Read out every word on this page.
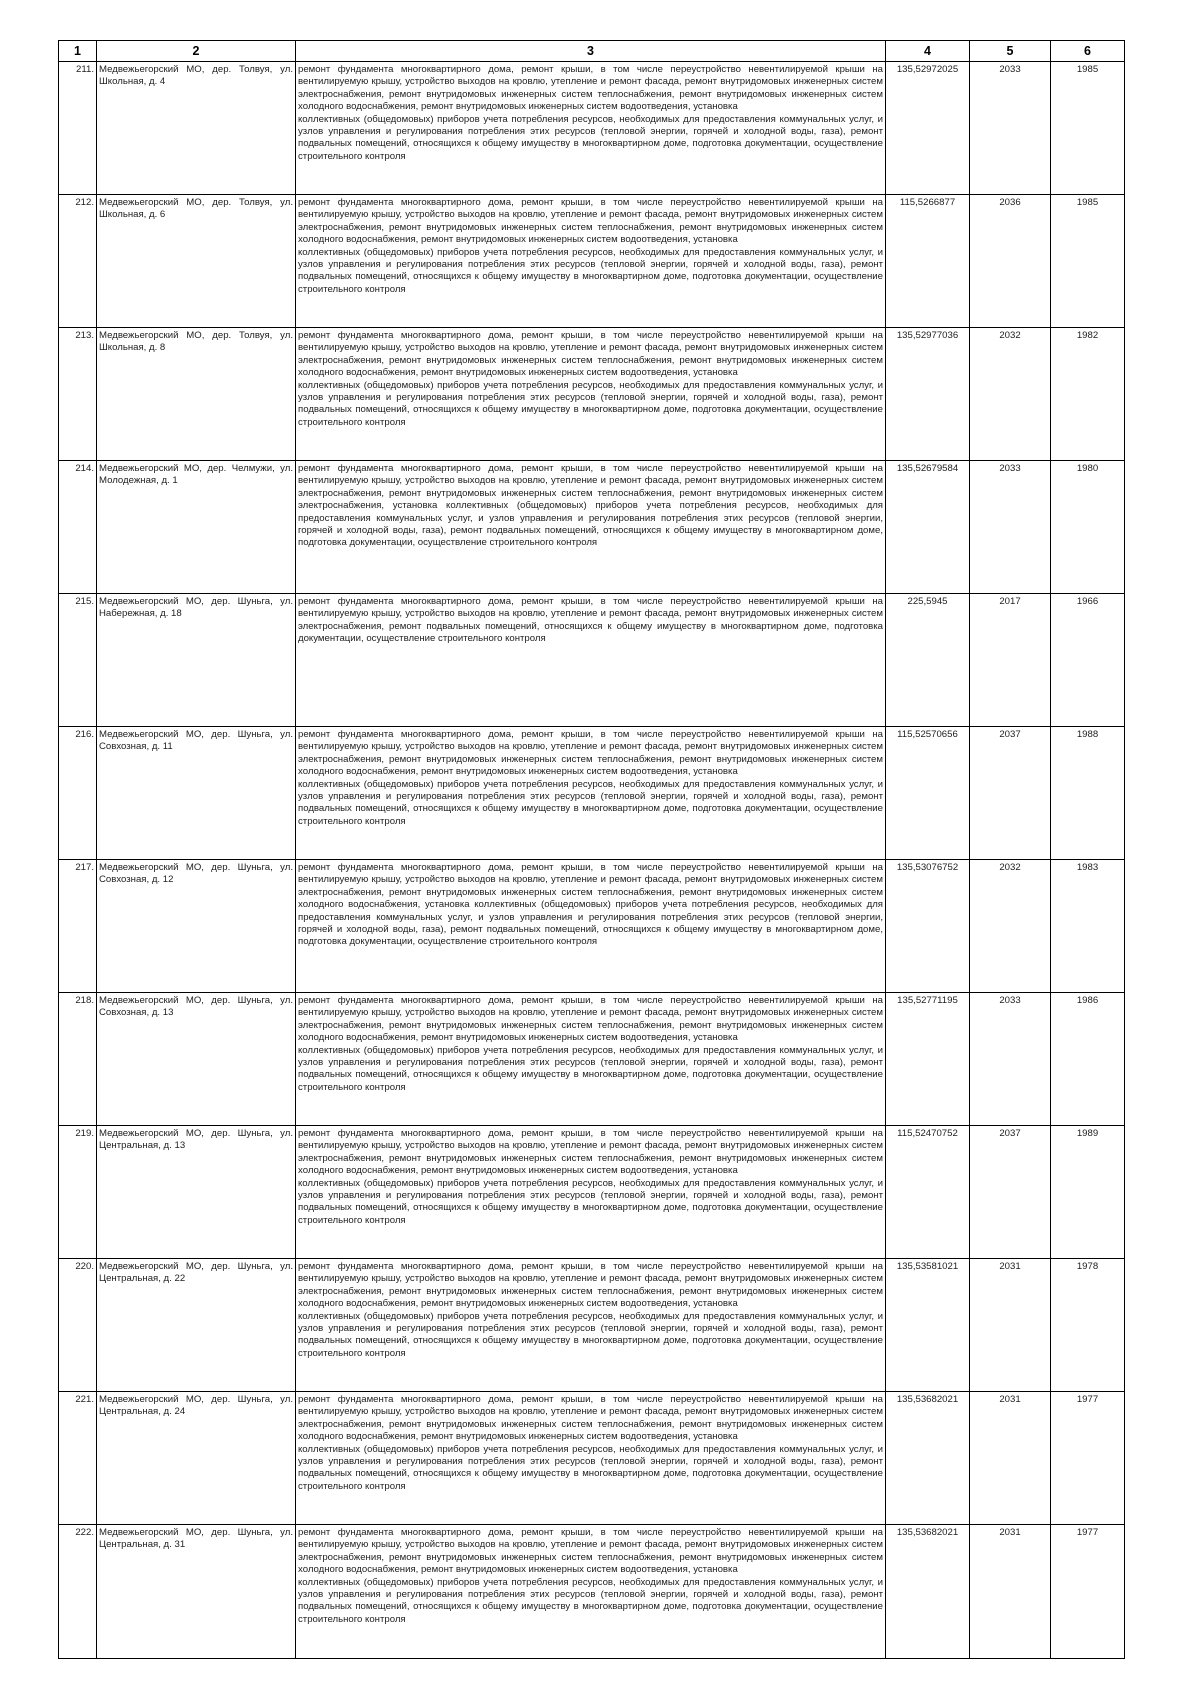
1	2	3	4	5	6
211.	Медвежьегорский МО, дер. Толвуя, ул. Школьная, д. 4	ремонт фундамента многоквартирного дома, ремонт крыши, в том числе переустройство невентилируемой крыши на вентилируемую крышу, устройство выходов на кровлю, утепление и ремонт фасада, ремонт внутридомовых инженерных систем электроснабжения, ремонт внутридомовых инженерных систем теплоснабжения, ремонт внутридомовых инженерных систем холодного водоснабжения, ремонт внутридомовых инженерных систем водоотведения, установка
коллективных (общедомовых) приборов учета потребления ресурсов, необходимых для предоставления коммунальных услуг, и узлов управления и регулирования потребления этих ресурсов (тепловой энергии, горячей и холодной воды, газа), ремонт подвальных помещений, относящихся к общему имуществу в многоквартирном доме, подготовка документации, осуществление строительного контроля	135,52972025	2033	1985
212.	Медвежьегорский МО, дер. Толвуя, ул. Школьная, д. 6	ремонт фундамента многоквартирного дома, ремонт крыши, в том числе переустройство невентилируемой крыши на вентилируемую крышу, устройство выходов на кровлю, утепление и ремонт фасада, ремонт внутридомовых инженерных систем электроснабжения, ремонт внутридомовых инженерных систем теплоснабжения, ремонт внутридомовых инженерных систем холодного водоснабжения, ремонт внутридомовых инженерных систем водоотведения, установка
коллективных (общедомовых) приборов учета потребления ресурсов, необходимых для предоставления коммунальных услуг, и узлов управления и регулирования потребления этих ресурсов (тепловой энергии, горячей и холодной воды, газа), ремонт подвальных помещений, относящихся к общему имуществу в многоквартирном доме, подготовка документации, осуществление строительного контроля	115,5266877	2036	1985
213.	Медвежьегорский МО, дер. Толвуя, ул. Школьная, д. 8	ремонт фундамента многоквартирного дома, ремонт крыши, в том числе переустройство невентилируемой крыши на вентилируемую крышу, устройство выходов на кровлю, утепление и ремонт фасада, ремонт внутридомовых инженерных систем электроснабжения, ремонт внутридомовых инженерных систем теплоснабжения, ремонт внутридомовых инженерных систем холодного водоснабжения, ремонт внутридомовых инженерных систем водоотведения, установка
коллективных (общедомовых) приборов учета потребления ресурсов, необходимых для предоставления коммунальных услуг, и узлов управления и регулирования потребления этих ресурсов (тепловой энергии, горячей и холодной воды, газа), ремонт подвальных помещений, относящихся к общему имуществу в многоквартирном доме, подготовка документации, осуществление строительного контроля	135,52977036	2032	1982
214.	Медвежьегорский МО, дер. Челмужи, ул. Молодежная, д. 1	ремонт фундамента многоквартирного дома, ремонт крыши, в том числе переустройство невентилируемой крыши на вентилируемую крышу, устройство выходов на кровлю, утепление и ремонт фасада, ремонт внутридомовых инженерных систем электроснабжения, ремонт внутридомовых инженерных систем теплоснабжения, ремонт внутридомовых инженерных систем электроснабжения, установка коллективных (общедомовых) приборов учета потребления ресурсов, необходимых для предоставления коммунальных услуг, и узлов управления и регулирования потребления этих ресурсов (тепловой энергии, горячей и холодной воды, газа), ремонт подвальных помещений, относящихся к общему имуществу в многоквартирном доме, подготовка документации, осуществление строительного контроля	135,52679584	2033	1980
215.	Медвежьегорский МО, дер. Шуньга, ул. Набережная, д. 18	ремонт фундамента многоквартирного дома, ремонт крыши, в том числе переустройство невентилируемой крыши на вентилируемую крышу, устройство выходов на кровлю, утепление и ремонт фасада, ремонт внутридомовых инженерных систем электроснабжения, ремонт подвальных помещений, относящихся к общему имуществу в многоквартирном доме, подготовка документации, осуществление строительного контроля	225,5945	2017	1966
216.	Медвежьегорский МО, дер. Шуньга, ул. Совхозная, д. 11	ремонт фундамента многоквартирного дома, ремонт крыши, в том числе переустройство невентилируемой крыши на вентилируемую крышу, устройство выходов на кровлю, утепление и ремонт фасада, ремонт внутридомовых инженерных систем электроснабжения, ремонт внутридомовых инженерных систем теплоснабжения, ремонт внутридомовых инженерных систем холодного водоснабжения, ремонт внутридомовых инженерных систем водоотведения, установка
коллективных (общедомовых) приборов учета потребления ресурсов, необходимых для предоставления коммунальных услуг, и узлов управления и регулирования потребления этих ресурсов (тепловой энергии, горячей и холодной воды, газа), ремонт подвальных помещений, относящихся к общему имуществу в многоквартирном доме, подготовка документации, осуществление строительного контроля	115,52570656	2037	1988
217.	Медвежьегорский МО, дер. Шуньга, ул. Совхозная, д. 12	ремонт фундамента многоквартирного дома, ремонт крыши, в том числе переустройство невентилируемой крыши на вентилируемую крышу, устройство выходов на кровлю, утепление и ремонт фасада, ремонт внутридомовых инженерных систем электроснабжения, ремонт внутридомовых инженерных систем теплоснабжения, ремонт внутридомовых инженерных систем холодного водоснабжения, установка коллективных (общедомовых) приборов учета потребления ресурсов, необходимых для предоставления коммунальных услуг, и узлов управления и регулирования потребления этих ресурсов (тепловой энергии, горячей и холодной воды, газа), ремонт подвальных помещений, относящихся к общему имуществу в многоквартирном доме, подготовка документации, осуществление строительного контроля	135,53076752	2032	1983
218.	Медвежьегорский МО, дер. Шуньга, ул. Совхозная, д. 13	ремонт фундамента многоквартирного дома, ремонт крыши, в том числе переустройство невентилируемой крыши на вентилируемую крышу, устройство выходов на кровлю, утепление и ремонт фасада, ремонт внутридомовых инженерных систем электроснабжения, ремонт внутридомовых инженерных систем теплоснабжения, ремонт внутридомовых инженерных систем холодного водоснабжения, ремонт внутридомовых инженерных систем водоотведения, установка
коллективных (общедомовых) приборов учета потребления ресурсов, необходимых для предоставления коммунальных услуг, и узлов управления и регулирования потребления этих ресурсов (тепловой энергии, горячей и холодной воды, газа), ремонт подвальных помещений, относящихся к общему имуществу в многоквартирном доме, подготовка документации, осуществление строительного контроля	135,52771195	2033	1986
219.	Медвежьегорский МО, дер. Шуньга, ул. Центральная, д. 13	ремонт фундамента многоквартирного дома, ремонт крыши, в том числе переустройство невентилируемой крыши на вентилируемую крышу, устройство выходов на кровлю, утепление и ремонт фасада, ремонт внутридомовых инженерных систем электроснабжения, ремонт внутридомовых инженерных систем теплоснабжения, ремонт внутридомовых инженерных систем холодного водоснабжения, ремонт внутридомовых инженерных систем водоотведения, установка
коллективных (общедомовых) приборов учета потребления ресурсов, необходимых для предоставления коммунальных услуг, и узлов управления и регулирования потребления этих ресурсов (тепловой энергии, горячей и холодной воды, газа), ремонт подвальных помещений, относящихся к общему имуществу в многоквартирном доме, подготовка документации, осуществление строительного контроля	115,52470752	2037	1989
220.	Медвежьегорский МО, дер. Шуньга, ул. Центральная, д. 22	ремонт фундамента многоквартирного дома, ремонт крыши, в том числе переустройство невентилируемой крыши на вентилируемую крышу, устройство выходов на кровлю, утепление и ремонт фасада, ремонт внутридомовых инженерных систем электроснабжения, ремонт внутридомовых инженерных систем теплоснабжения, ремонт внутридомовых инженерных систем холодного водоснабжения, ремонт внутридомовых инженерных систем водоотведения, установка
коллективных (общедомовых) приборов учета потребления ресурсов, необходимых для предоставления коммунальных услуг, и узлов управления и регулирования потребления этих ресурсов (тепловой энергии, горячей и холодной воды, газа), ремонт подвальных помещений, относящихся к общему имуществу в многоквартирном доме, подготовка документации, осуществление строительного контроля	135,53581021	2031	1978
221.	Медвежьегорский МО, дер. Шуньга, ул. Центральная, д. 24	ремонт фундамента многоквартирного дома, ремонт крыши, в том числе переустройство невентилируемой крыши на вентилируемую крышу, устройство выходов на кровлю, утепление и ремонт фасада, ремонт внутридомовых инженерных систем электроснабжения, ремонт внутридомовых инженерных систем теплоснабжения, ремонт внутридомовых инженерных систем холодного водоснабжения, ремонт внутридомовых инженерных систем водоотведения, установка
коллективных (общедомовых) приборов учета потребления ресурсов, необходимых для предоставления коммунальных услуг, и узлов управления и регулирования потребления этих ресурсов (тепловой энергии, горячей и холодной воды, газа), ремонт подвальных помещений, относящихся к общему имуществу в многоквартирном доме, подготовка документации, осуществление строительного контроля	135,53682021	2031	1977
222.	Медвежьегорский МО, дер. Шуньга, ул. Центральная, д. 31	ремонт фундамента многоквартирного дома, ремонт крыши, в том числе переустройство невентилируемой крыши на вентилируемую крышу, устройство выходов на кровлю, утепление и ремонт фасада, ремонт внутридомовых инженерных систем электроснабжения, ремонт внутридомовых инженерных систем теплоснабжения, ремонт внутридомовых инженерных систем холодного водоснабжения, ремонт внутридомовых инженерных систем водоотведения, установка
коллективных (общедомовых) приборов учета потребления ресурсов, необходимых для предоставления коммунальных услуг, и узлов управления и регулирования потребления этих ресурсов (тепловой энергии, горячей и холодной воды, газа), ремонт подвальных помещений, относящихся к общему имуществу в многоквартирном доме, подготовка документации, осуществление строительного контроля	135,53682021	2031	1977
